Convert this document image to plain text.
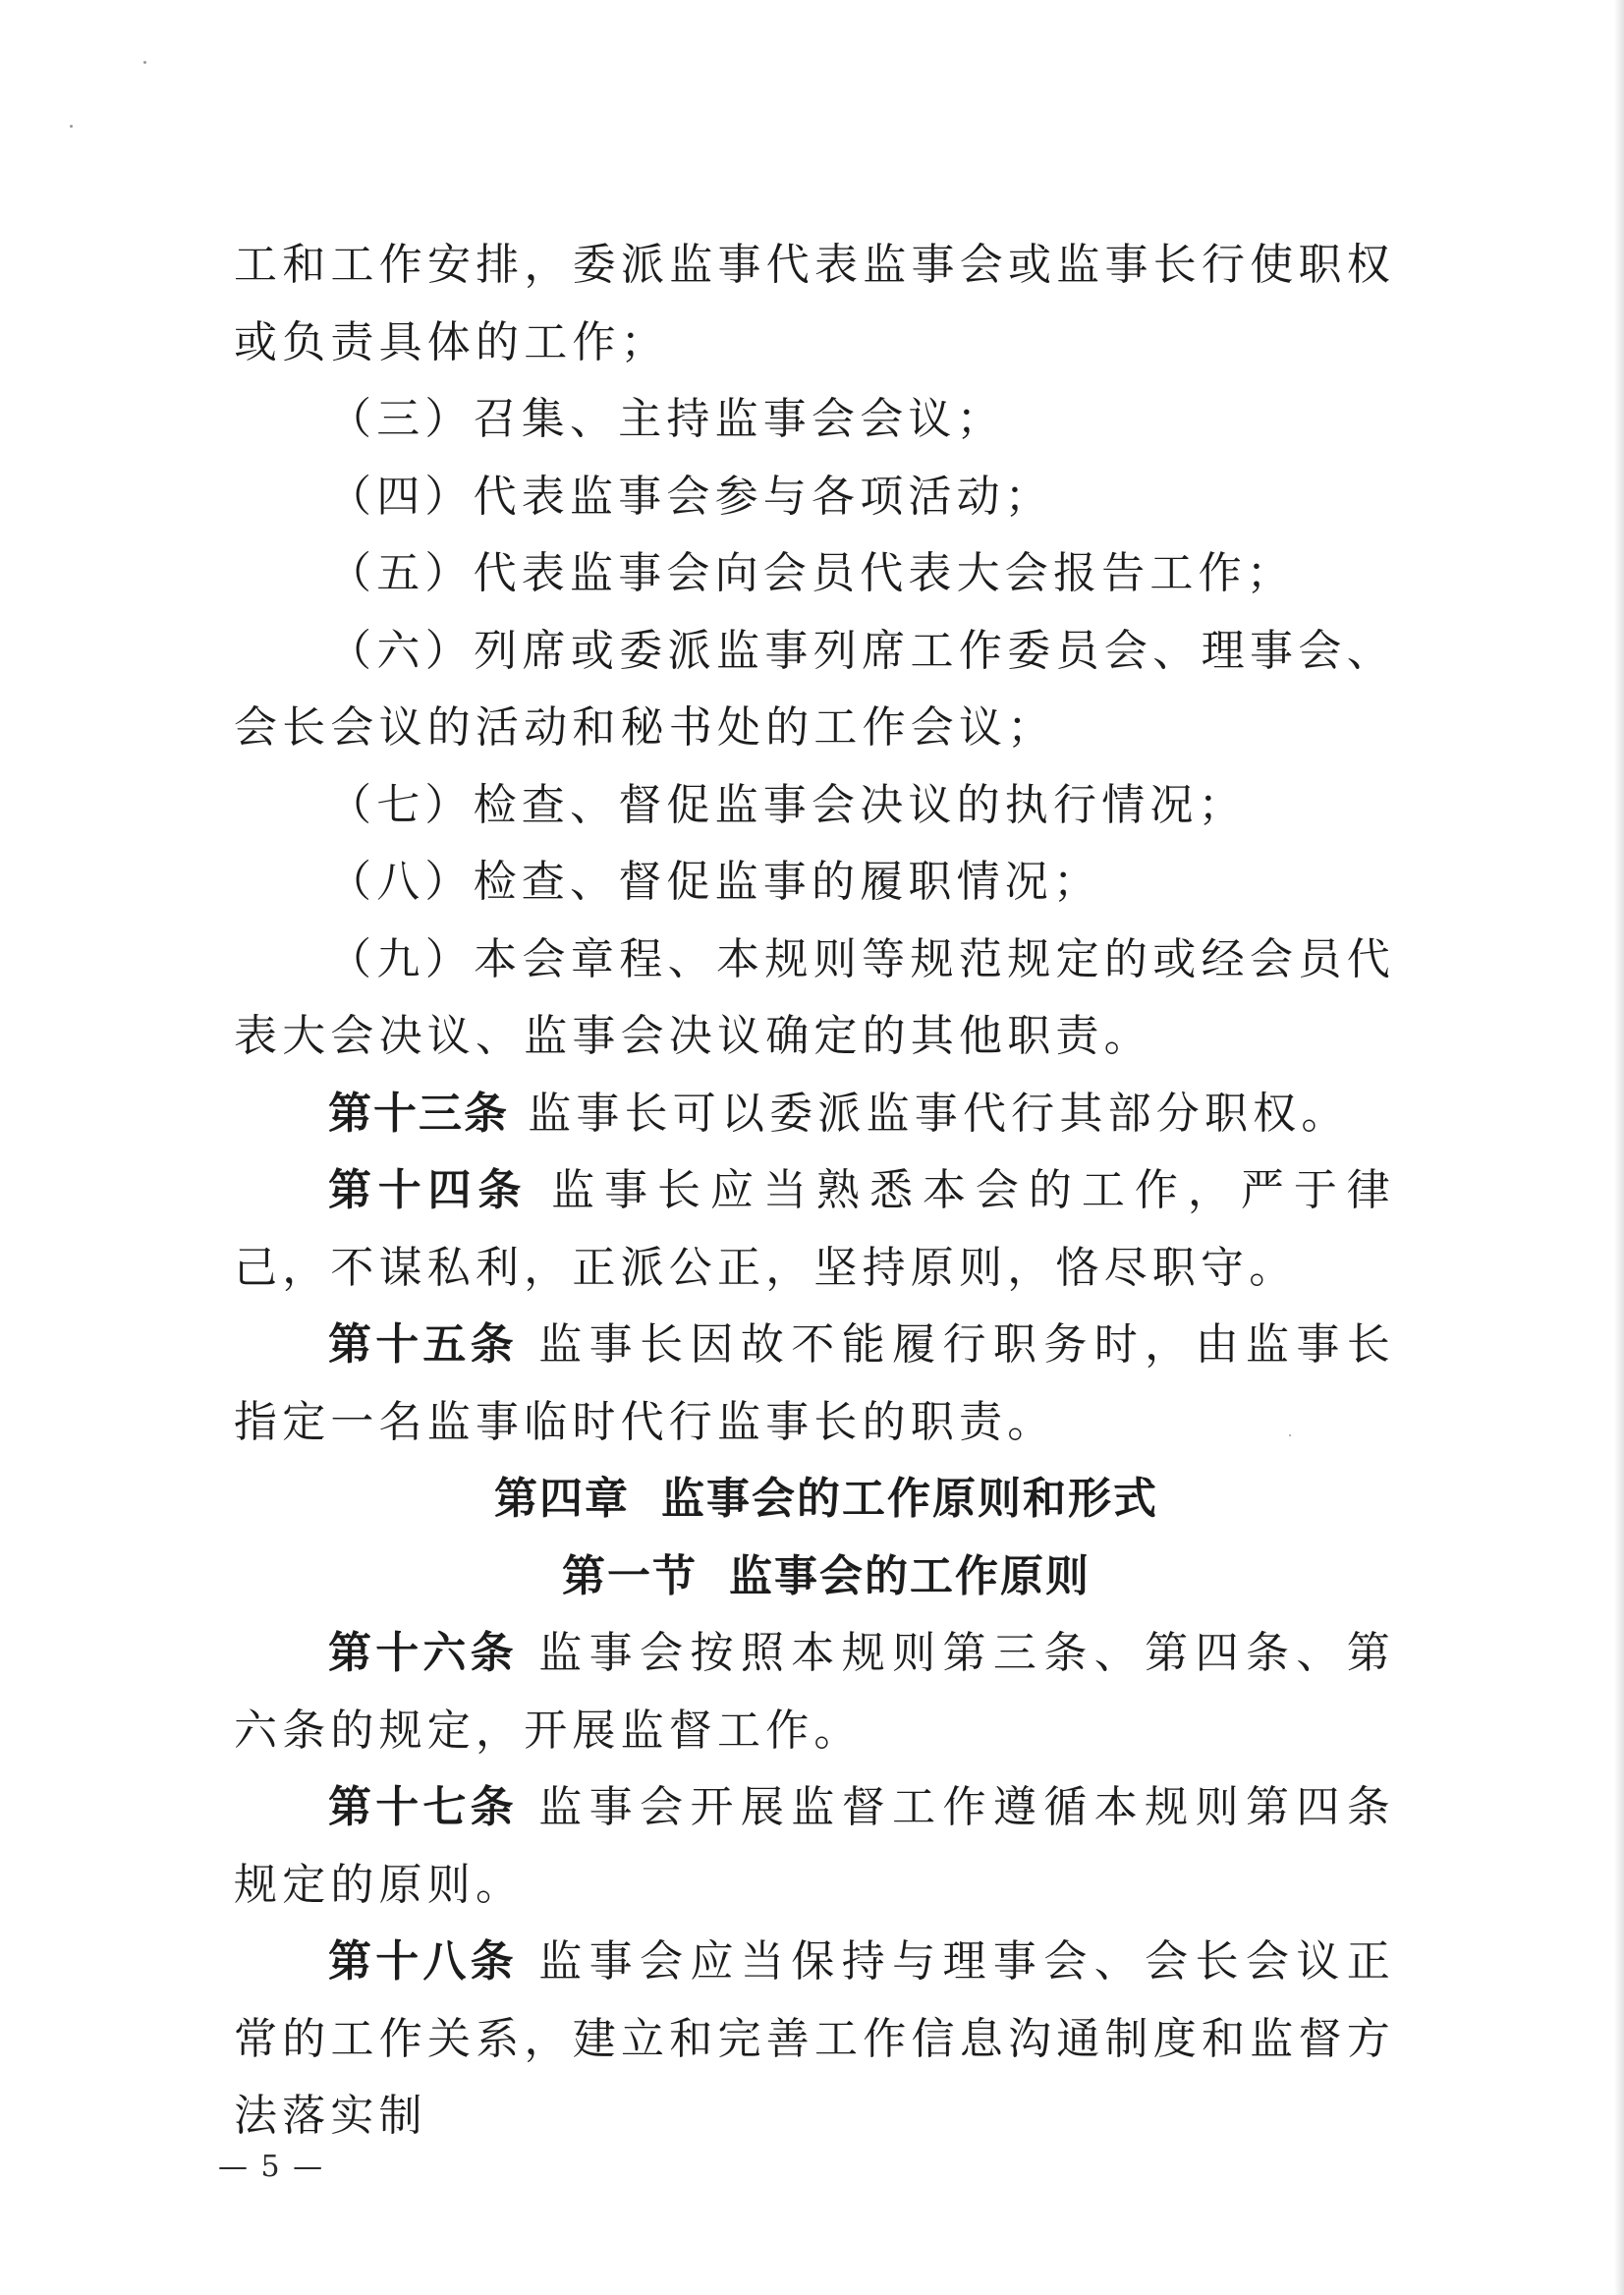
工和工作安排，委派监事代表监事会或监事长行使职权或负责具体的工作；

（三）召集、主持监事会会议；

（四）代表监事会参与各项活动；

（五）代表监事会向会员代表大会报告工作；

（六）列席或委派监事列席工作委员会、理事会、会长会议的活动和秘书处的工作会议；

（七）检查、督促监事会决议的执行情况；

（八）检查、督促监事的履职情况；

（九）本会章程、本规则等规范规定的或经会员代表大会决议、监事会决议确定的其他职责。

第十三条 监事长可以委派监事代行其部分职权。

第十四条 监事长应当熟悉本会的工作，严于律己，不谋私利，正派公正，坚持原则，恪尽职守。

第十五条 监事长因故不能履行职务时，由监事长指定一名监事临时代行监事长的职责。

第四章 监事会的工作原则和形式

第一节 监事会的工作原则

第十六条 监事会按照本规则第三条、第四条、第六条的规定，开展监督工作。

第十七条 监事会开展监督工作遵循本规则第四条规定的原则。

第十八条 监事会应当保持与理事会、会长会议正常的工作关系，建立和完善工作信息沟通制度和监督方法落实制

— 5 —
